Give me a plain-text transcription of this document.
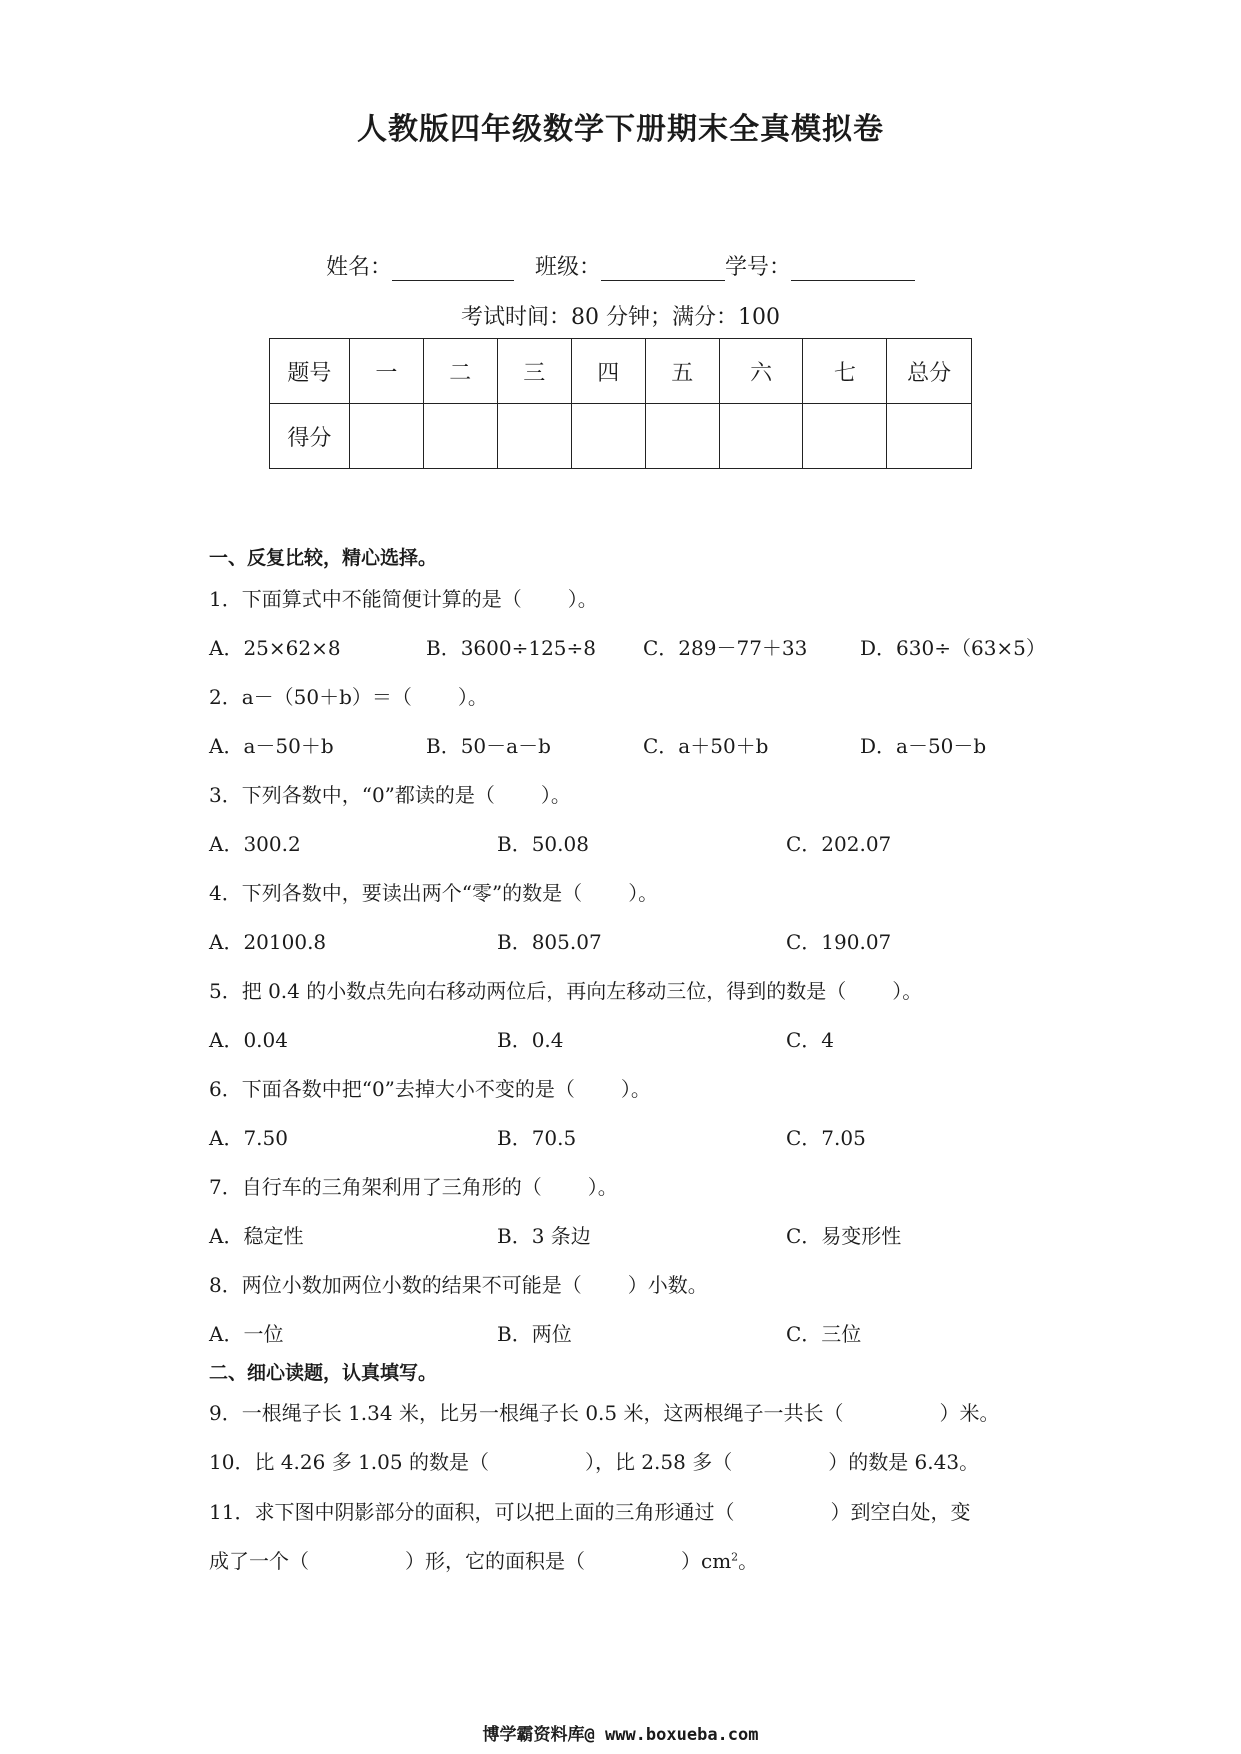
人教版四年级数学下册期末全真模拟卷
姓名：	班级：	学号：
考试时间：80 分钟；满分：100
题号	一	二	三	四	五	六	七	总分
得分								
一、反复比较，精心选择。
1．下面算式中不能简便计算的是（ ）。
A．25×62×8	B．3600÷125÷8 C．289－77＋33	D．630÷（63×5）
2．a－（50＋b）＝（ ）。
A．a－50＋b	B．50－a－b	C．a＋50＋b	D．a－50－b
3．下列各数中，“0”都读的是（ ）。
A．300.2	B．50.08	C．202.07
4．下列各数中，要读出两个“零”的数是（ ）。
A．20100.8	B．805.07	C．190.07
5．把 0.4 的小数点先向右移动两位后，再向左移动三位，得到的数是（ ）。
A．0.04	B．0.4	C．4
6．下面各数中把“0”去掉大小不变的是（ ）。
A．7.50	B．70.5	C．7.05
7．自行车的三角架利用了三角形的（ ）。
A．稳定性	B．3 条边	C．易变形性
8．两位小数加两位小数的结果不可能是（ ）小数。
A．一位	B．两位	C．三位
二、细心读题，认真填写。
9．一根绳子长 1.34 米，比另一根绳子长 0.5 米，这两根绳子一共长（	）米。
10．比 4.26 多 1.05 的数是（	），比 2.58 多（	）的数是 6.43。
11．求下图中阴影部分的面积，可以把上面的三角形通过（	）到空白处，变
成了一个（	）形，它的面积是（	）$cm^2$。
博学霸资料库@ www.boxueba.com
